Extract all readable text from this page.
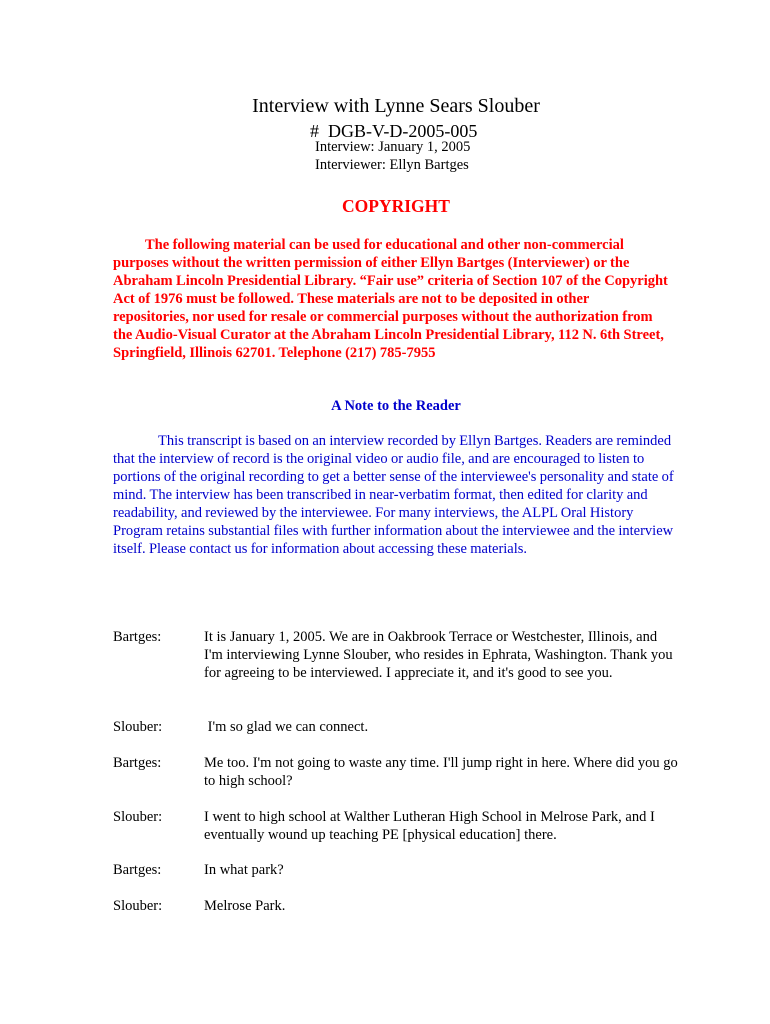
Interview with Lynne Sears Slouber
#  DGB-V-D-2005-005
Interview: January 1, 2005
Interviewer: Ellyn Bartges
COPYRIGHT
The following material can be used for educational and other non-commercial purposes without the written permission of either Ellyn Bartges (Interviewer) or the Abraham Lincoln Presidential Library. “Fair use” criteria of Section 107 of the Copyright Act of 1976 must be followed. These materials are not to be deposited in other repositories, nor used for resale or commercial purposes without the authorization from the Audio-Visual Curator at the Abraham Lincoln Presidential Library, 112 N. 6th Street, Springfield, Illinois 62701. Telephone (217) 785-7955
A Note to the Reader
This transcript is based on an interview recorded by Ellyn Bartges. Readers are reminded that the interview of record is the original video or audio file, and are encouraged to listen to portions of the original recording to get a better sense of the interviewee's personality and state of mind. The interview has been transcribed in near-verbatim format, then edited for clarity and readability, and reviewed by the interviewee. For many interviews, the ALPL Oral History Program retains substantial files with further information about the interviewee and the interview itself. Please contact us for information about accessing these materials.
Bartges:	It is January 1, 2005. We are in Oakbrook Terrace or Westchester, Illinois, and I'm interviewing Lynne Slouber, who resides in Ephrata, Washington. Thank you for agreeing to be interviewed. I appreciate it, and it's good to see you.
Slouber:	I'm so glad we can connect.
Bartges:	Me too. I'm not going to waste any time. I'll jump right in here. Where did you go to high school?
Slouber:	I went to high school at Walther Lutheran High School in Melrose Park, and I eventually wound up teaching PE [physical education] there.
Bartges:	In what park?
Slouber:	Melrose Park.
